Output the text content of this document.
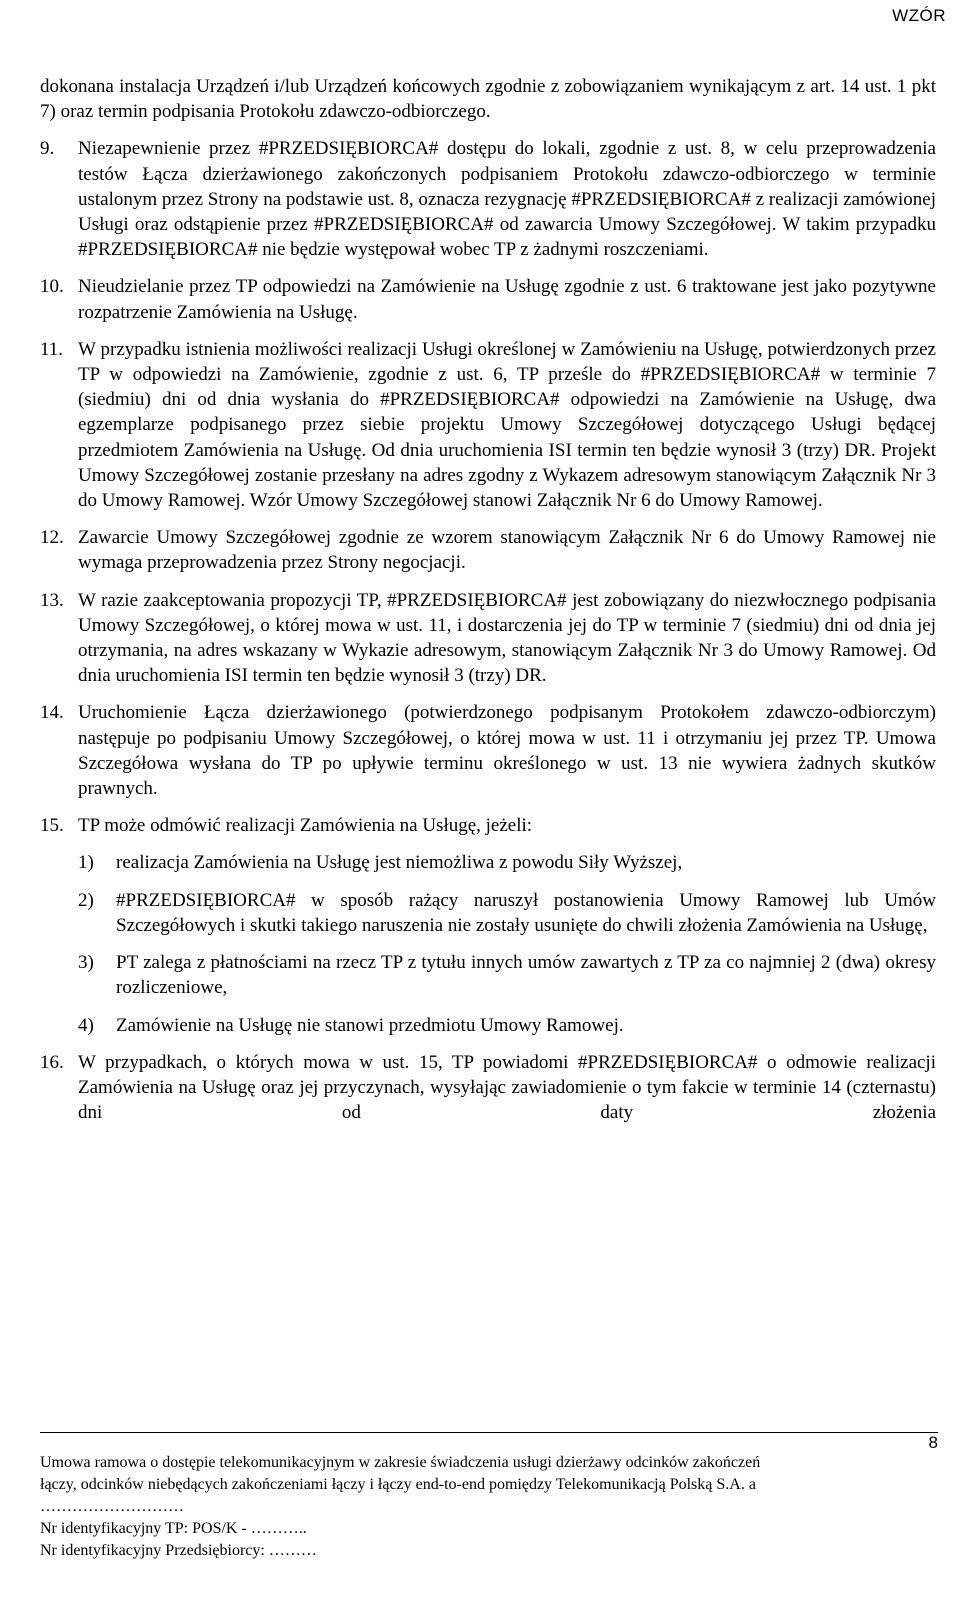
WZÓR

dokonana instalacja Urządzeń i/lub Urządzeń końcowych zgodnie z zobowiązaniem wynikającym z art. 14 ust. 1 pkt 7) oraz termin podpisania Protokołu zdawczo-odbiorczego.

9.	Niezapewnienie przez #PRZEDSIĘBIORCA# dostępu do lokali, zgodnie z ust. 8, w celu przeprowadzenia testów Łącza dzierżawionego zakończonych podpisaniem Protokołu zdawczo-odbiorczego w terminie ustalonym przez Strony na podstawie ust. 8, oznacza rezygnację #PRZEDSIĘBIORCA# z realizacji zamówionej Usługi oraz odstąpienie przez #PRZEDSIĘBIORCA# od zawarcia Umowy Szczegółowej. W takim przypadku #PRZEDSIĘBIORCA# nie będzie występował wobec TP z żadnymi roszczeniami.
10. Nieudzielanie przez TP odpowiedzi na Zamówienie na Usługę zgodnie z ust. 6 traktowane jest jako pozytywne rozpatrzenie Zamówienia na Usługę.
11. W przypadku istnienia możliwości realizacji Usługi określonej w Zamówieniu na Usługę, potwierdzonych przez TP w odpowiedzi na Zamówienie, zgodnie z ust. 6, TP prześle do #PRZEDSIĘBIORCA# w terminie 7 (siedmiu) dni od dnia wysłania do #PRZEDSIĘBIORCA# odpowiedzi na Zamówienie na Usługę, dwa egzemplarze podpisanego przez siebie projektu Umowy Szczegółowej dotyczącego Usługi będącej przedmiotem Zamówienia na Usługę. Od dnia uruchomienia ISI termin ten będzie wynosił 3 (trzy) DR. Projekt Umowy Szczegółowej zostanie przesłany na adres zgodny z Wykazem adresowym stanowiącym Załącznik Nr 3 do Umowy Ramowej. Wzór Umowy Szczegółowej stanowi Załącznik Nr 6 do Umowy Ramowej.
12. Zawarcie Umowy Szczegółowej zgodnie ze wzorem stanowiącym Załącznik Nr 6 do Umowy Ramowej nie wymaga przeprowadzenia przez Strony negocjacji.
13. W razie zaakceptowania propozycji TP, #PRZEDSIĘBIORCA# jest zobowiązany do niezwłocznego podpisania Umowy Szczegółowej, o której mowa w ust. 11, i dostarczenia jej do TP w terminie 7 (siedmiu) dni od dnia jej otrzymania, na adres wskazany w Wykazie adresowym, stanowiącym Załącznik Nr 3 do Umowy Ramowej. Od dnia uruchomienia ISI termin ten będzie wynosił 3 (trzy) DR.
14. Uruchomienie Łącza dzierżawionego (potwierdzonego podpisanym Protokołem zdawczo-odbiorczym) następuje po podpisaniu Umowy Szczegółowej, o której mowa w ust. 11 i otrzymaniu jej przez TP. Umowa Szczegółowa wysłana do TP po upływie terminu określonego w ust. 13 nie wywiera żadnych skutków prawnych.
15. TP może odmówić realizacji Zamówienia na Usługę, jeżeli:
1)	realizacja Zamówienia na Usługę jest niemożliwa z powodu Siły Wyższej,
2)	#PRZEDSIĘBIORCA# w sposób rażący naruszył postanowienia Umowy Ramowej lub Umów Szczegółowych i skutki takiego naruszenia nie zostały usunięte do chwili złożenia Zamówienia na Usługę,
3)	PT zalega z płatnościami na rzecz TP z tytułu innych umów zawartych z TP za co najmniej 2 (dwa) okresy rozliczeniowe,
4)	Zamówienie na Usługę nie stanowi przedmiotu Umowy Ramowej.
16. W przypadkach, o których mowa w ust. 15, TP powiadomi #PRZEDSIĘBIORCA# o odmowie realizacji Zamówienia na Usługę oraz jej przyczynach, wysyłając zawiadomienie o tym fakcie w terminie 14 (czternastu) dni od daty złożenia
8
Umowa ramowa o dostępie telekomunikacyjnym w zakresie świadczenia usługi dzierżawy odcinków zakończeń
łączy, odcinków niebędących zakończeniami łączy i łączy end-to-end pomiędzy Telekomunikacją Polską S.A. a
………………………
Nr identyfikacyjny TP: POS/K - ………..
Nr identyfikacyjny Przedsiębiorcy: ………
